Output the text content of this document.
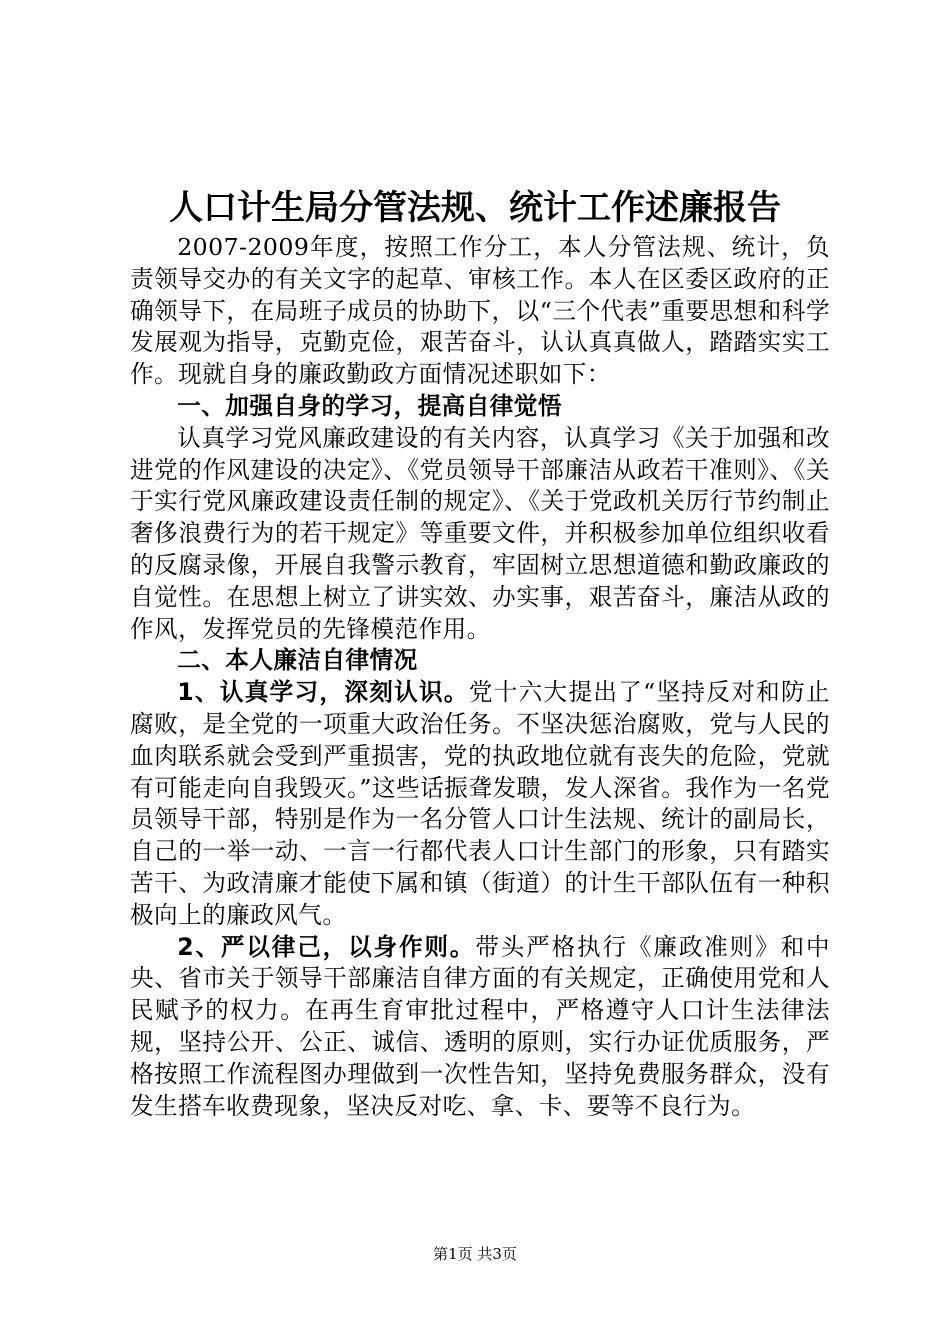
人口计生局分管法规、统计工作述廉报告

2007-2009年度，按照工作分工，本人分管法规、统计，负责领导交办的有关文字的起草、审核工作。本人在区委区政府的正确领导下，在局班子成员的协助下，以“三个代表”重要思想和科学发展观为指导，克勤克俭，艰苦奋斗，认认真真做人，踏踏实实工作。现就自身的廉政勤政方面情况述职如下：

一、加强自身的学习，提高自律觉悟

认真学习党风廉政建设的有关内容，认真学习《关于加强和改进党的作风建设的决定》、《党员领导干部廉洁从政若干准则》、《关于实行党风廉政建设责任制的规定》、《关于党政机关厉行节约制止奢侈浪费行为的若干规定》等重要文件，并积极参加单位组织收看的反腐录像，开展自我警示教育，牢固树立思想道德和勤政廉政的自觉性。在思想上树立了讲实效、办实事，艰苦奋斗，廉洁从政的作风，发挥党员的先锋模范作用。

二、本人廉洁自律情况

1、认真学习，深刻认识。党十六大提出了“坚持反对和防止腐败，是全党的一项重大政治任务。不坚决惩治腐败，党与人民的血肉联系就会受到严重损害，党的执政地位就有丧失的危险，党就有可能走向自我毁灭。”这些话振聋发聩，发人深省。我作为一名党员领导干部，特别是作为一名分管人口计生法规、统计的副局长，自己的一举一动、一言一行都代表人口计生部门的形象，只有踏实苦干、为政清廉才能使下属和镇（街道）的计生干部队伍有一种积极向上的廉政风气。

2、严以律己，以身作则。带头严格执行《廉政准则》和中央、省市关于领导干部廉洁自律方面的有关规定，正确使用党和人民赋予的权力。在再生育审批过程中，严格遵守人口计生法律法规，坚持公开、公正、诚信、透明的原则，实行办证优质服务，严格按照工作流程图办理做到一次性告知，坚持免费服务群众，没有发生搭车收费现象，坚决反对吃、拿、卡、要等不良行为。

第1页 共3页
